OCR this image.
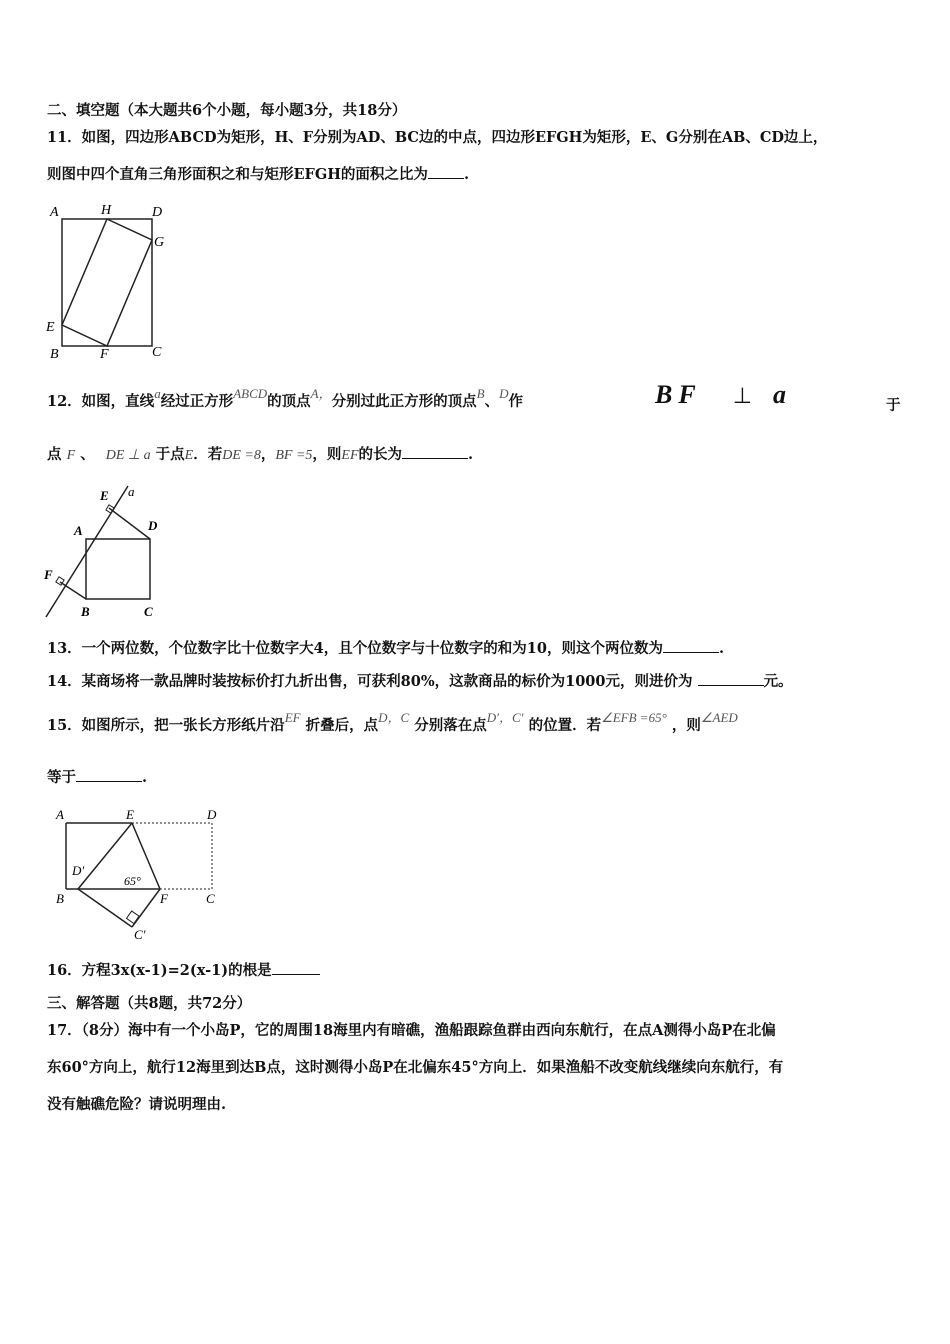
二、填空题（本大题共6个小题，每小题3分，共18分）
11．如图，四边形ABCD为矩形，H、F分别为AD、BC边的中点，四边形EFGH为矩形，E、G分别在AB、CD边上，
则图中四个直角三角形面积之和与矩形EFGH的面积之比为 .
A	H	D
G
E
B	F	C
12．如图，直线a经过正方形ABCD的顶点A，分别过此正方形的顶点B、D作	BF ⊥ a	于
点 F 、 DE ⊥ a 于点E．若DE =8，BF =5，则EF的长为	.
E a
A	D
F
B	C
13．一个两位数，个位数字比十位数字大4，且个位数字与十位数字的和为10，则这个两位数为	.
14．某商场将一款品牌时装按标价打九折出售，可获利80%，这款商品的标价为1000元，则进价为	元。
15．如图所示，把一张长方形纸片沿EF 折叠后，点D，C 分别落在点D′，C′ 的位置．若∠EFB =65° ，则∠AED
等于	.
A	E	D
D′
65°
B	F	C
C′
16．方程3x(x-1)=2(x-1)的根是
三、解答题（共8题，共72分）
17．（8分）海中有一个小岛P，它的周围18海里内有暗礁，渔船跟踪鱼群由西向东航行，在点A测得小岛P在北偏
东60°方向上，航行12海里到达B点，这时测得小岛P在北偏东45°方向上．如果渔船不改变航线继续向东航行，有
没有触礁危险？请说明理由.
